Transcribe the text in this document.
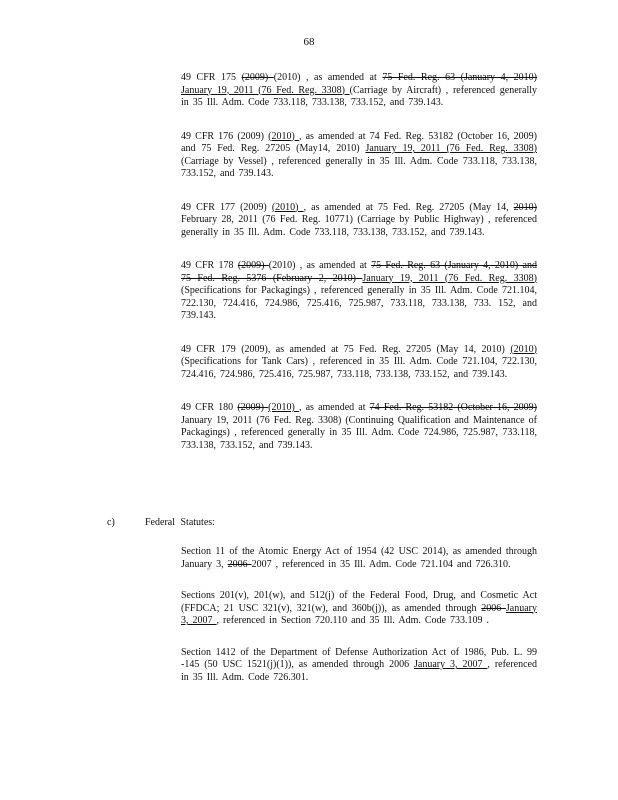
68

49 CFR 175 (2009) (2010) , as amended at 75 Fed. Reg. 63 (January 4, 2010) January 19, 2011 (76 Fed. Reg. 3308) (Carriage by Aircraft) , referenced generally in 35 Ill. Adm. Code 733.118, 733.138, 733.152, and 739.143.

49 CFR 176 (2009) (2010) , as amended at 74 Fed. Reg. 53182 (October 16, 2009) and 75 Fed. Reg. 27205 (May14, 2010) January 19, 2011 (76 Fed. Reg. 3308) (Carriage by Vessel) , referenced generally in 35 Ill. Adm. Code 733.118, 733.138, 733.152, and 739.143.

49 CFR 177 (2009) (2010) , as amended at 75 Fed. Reg. 27205 (May 14, 2010) February 28, 2011 (76 Fed. Reg. 10771) (Carriage by Public Highway) , referenced generally in 35 Ill. Adm. Code 733.118, 733.138, 733.152, and 739.143.

49 CFR 178 (2009) (2010) , as amended at 75 Fed. Reg. 63 (January 4, 2010) and 75 Fed. Reg. 5376 (February 2, 2010) January 19, 2011 (76 Fed. Reg. 3308) (Specifications for Packagings) , referenced generally in 35 Ill. Adm. Code 721.104, 722.130, 724.416, 724.986, 725.416, 725.987, 733.118, 733.138, 733. 152, and 739.143.

49 CFR 179 (2009), as amended at 75 Fed. Reg. 27205 (May 14, 2010) (2010) (Specifications for Tank Cars) , referenced in 35 Ill. Adm. Code 721.104, 722.130, 724.416, 724.986, 725.416, 725.987, 733.118, 733.138, 733.152, and 739.143.

49 CFR 180 (2009) (2010) , as amended at 74 Fed. Reg. 53182 (October 16, 2009) January 19, 2011 (76 Fed. Reg. 3308) (Continuing Qualification and Maintenance of Packagings) , referenced generally in 35 Ill. Adm. Code 724.986, 725.987, 733.118, 733.138, 733.152, and 739.143.

c)	Federal Statutes:

Section 11 of the Atomic Energy Act of 1954 (42 USC 2014), as amended through January 3, 2006 2007 , referenced in 35 Ill. Adm. Code 721.104 and 726.310.

Sections 201(v), 201(w), and 512(j) of the Federal Food, Drug, and Cosmetic Act (FFDCA; 21 USC 321(v), 321(w), and 360b(j)), as amended through 2006 January 3, 2007 , referenced in Section 720.110 and 35 Ill. Adm. Code 733.109 .

Section 1412 of the Department of Defense Authorization Act of 1986, Pub. L. 99 -145 (50 USC 1521(j)(1)), as amended through 2006 January 3, 2007 , referenced in 35 Ill. Adm. Code 726.301.
